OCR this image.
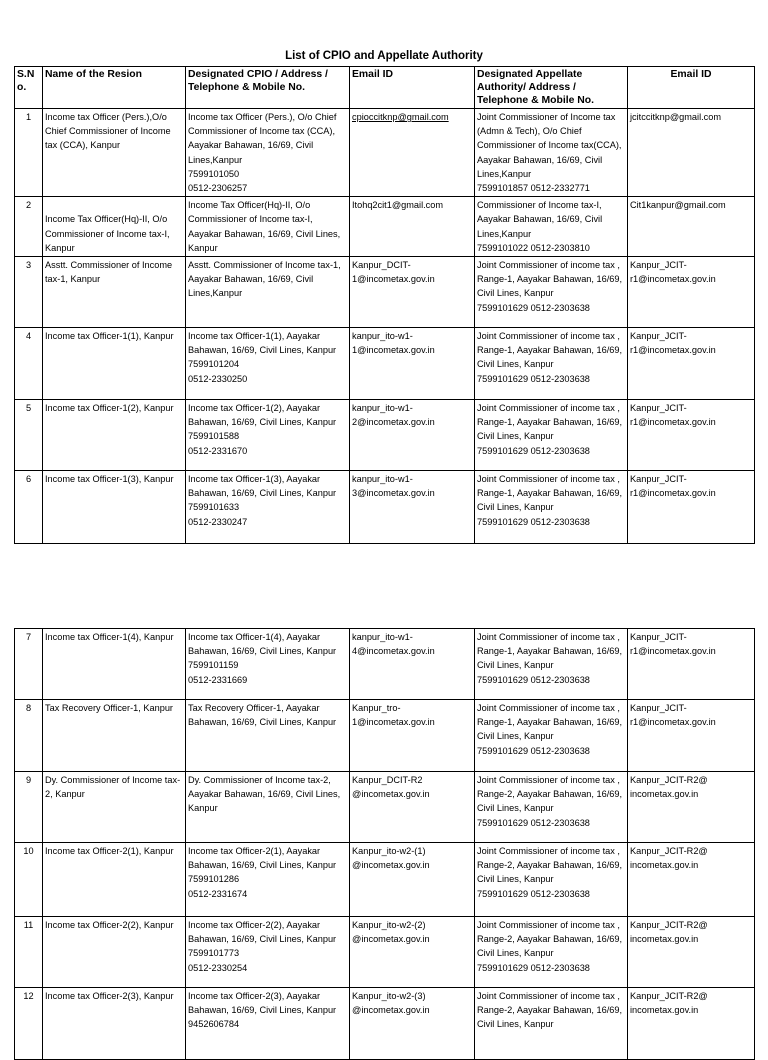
List of CPIO and Appellate Authority
S.N
o.	Name of the Resion	Designated CPIO / Address / Telephone & Mobile No.	Email ID	Designated Appellate Authority/ Address / Telephone & Mobile No.	Email ID
1	Income tax Officer (Pers.),O/o Chief Commissioner of Income tax (CCA), Kanpur	Income tax Officer (Pers.), O/o Chief Commissioner of Income tax (CCA), Aayakar Bahawan, 16/69, Civil Lines,Kanpur
7599101050
0512-2306257	cpioccitknp@gmail.com	Joint Commissioner of Income tax (Admn & Tech), O/o Chief Commissioner of Income tax(CCA), Aayakar Bahawan, 16/69, Civil Lines,Kanpur
7599101857 0512-2332771	jcitccitknp@gmail.com
2	
Income Tax Officer(Hq)-II, O/o Commissioner of Income tax-I, Kanpur	Income Tax Officer(Hq)-II, O/o Commissioner of Income tax-I, Aayakar Bahawan, 16/69, Civil Lines, Kanpur	Itohq2cit1@gmail.com	Commissioner of Income tax-I, Aayakar Bahawan, 16/69, Civil Lines,Kanpur
7599101022 0512-2303810	Cit1kanpur@gmail.com
3	Asstt. Commissioner of Income tax-1, Kanpur	Asstt. Commissioner of Income tax-1, Aayakar Bahawan, 16/69, Civil Lines,Kanpur	Kanpur_DCIT-1@incometax.gov.in	Joint Commissioner of income tax , Range-1, Aayakar Bahawan, 16/69, Civil Lines, Kanpur
7599101629 0512-2303638	Kanpur_JCIT-r1@incometax.gov.in
4	Income tax Officer-1(1), Kanpur	Income tax Officer-1(1), Aayakar Bahawan, 16/69, Civil Lines, Kanpur
7599101204
0512-2330250	kanpur_ito-w1-1@incometax.gov.in	Joint Commissioner of income tax , Range-1, Aayakar Bahawan, 16/69, Civil Lines, Kanpur
7599101629 0512-2303638	Kanpur_JCIT-r1@incometax.gov.in
5	Income tax Officer-1(2), Kanpur	Income tax Officer-1(2), Aayakar Bahawan, 16/69, Civil Lines, Kanpur
7599101588
0512-2331670	kanpur_ito-w1-2@incometax.gov.in	Joint Commissioner of income tax , Range-1, Aayakar Bahawan, 16/69, Civil Lines, Kanpur
7599101629 0512-2303638	Kanpur_JCIT-r1@incometax.gov.in
6	Income tax Officer-1(3), Kanpur	Income tax Officer-1(3), Aayakar Bahawan, 16/69, Civil Lines, Kanpur
7599101633
0512-2330247	kanpur_ito-w1-3@incometax.gov.in	Joint Commissioner of income tax , Range-1, Aayakar Bahawan, 16/69, Civil Lines, Kanpur
7599101629 0512-2303638	Kanpur_JCIT-r1@incometax.gov.in
7	Income tax Officer-1(4), Kanpur	Income tax Officer-1(4), Aayakar Bahawan, 16/69, Civil Lines, Kanpur
7599101159
0512-2331669	kanpur_ito-w1-4@incometax.gov.in	Joint Commissioner of income tax , Range-1, Aayakar Bahawan, 16/69, Civil Lines, Kanpur
7599101629 0512-2303638	Kanpur_JCIT-r1@incometax.gov.in
8	Tax Recovery Officer-1, Kanpur	Tax Recovery Officer-1, Aayakar Bahawan, 16/69, Civil Lines, Kanpur	Kanpur_tro-1@incometax.gov.in	Joint Commissioner of income tax , Range-1, Aayakar Bahawan, 16/69, Civil Lines, Kanpur
7599101629 0512-2303638	Kanpur_JCIT-r1@incometax.gov.in
9	Dy. Commissioner of Income tax-2, Kanpur	Dy. Commissioner of Income tax-2, Aayakar Bahawan, 16/69, Civil Lines, Kanpur	Kanpur_DCIT-R2 @incometax.gov.in	Joint Commissioner of income tax , Range-2, Aayakar Bahawan, 16/69, Civil Lines, Kanpur
7599101629 0512-2303638	Kanpur_JCIT-R2@ incometax.gov.in
10	Income tax Officer-2(1), Kanpur	Income tax Officer-2(1), Aayakar Bahawan, 16/69, Civil Lines, Kanpur
7599101286
0512-2331674	Kanpur_ito-w2-(1) @incometax.gov.in	Joint Commissioner of income tax , Range-2, Aayakar Bahawan, 16/69, Civil Lines, Kanpur
7599101629 0512-2303638	Kanpur_JCIT-R2@ incometax.gov.in
11	Income tax Officer-2(2), Kanpur	Income tax Officer-2(2), Aayakar Bahawan, 16/69, Civil Lines, Kanpur
7599101773
0512-2330254	Kanpur_ito-w2-(2) @incometax.gov.in	Joint Commissioner of income tax , Range-2, Aayakar Bahawan, 16/69, Civil Lines, Kanpur
7599101629 0512-2303638	Kanpur_JCIT-R2@ incometax.gov.in
12	Income tax Officer-2(3), Kanpur	Income tax Officer-2(3), Aayakar Bahawan, 16/69, Civil Lines, Kanpur
9452606784	Kanpur_ito-w2-(3) @incometax.gov.in	Joint Commissioner of income tax , Range-2, Aayakar Bahawan, 16/69, Civil Lines, Kanpur	Kanpur_JCIT-R2@ incometax.gov.in
